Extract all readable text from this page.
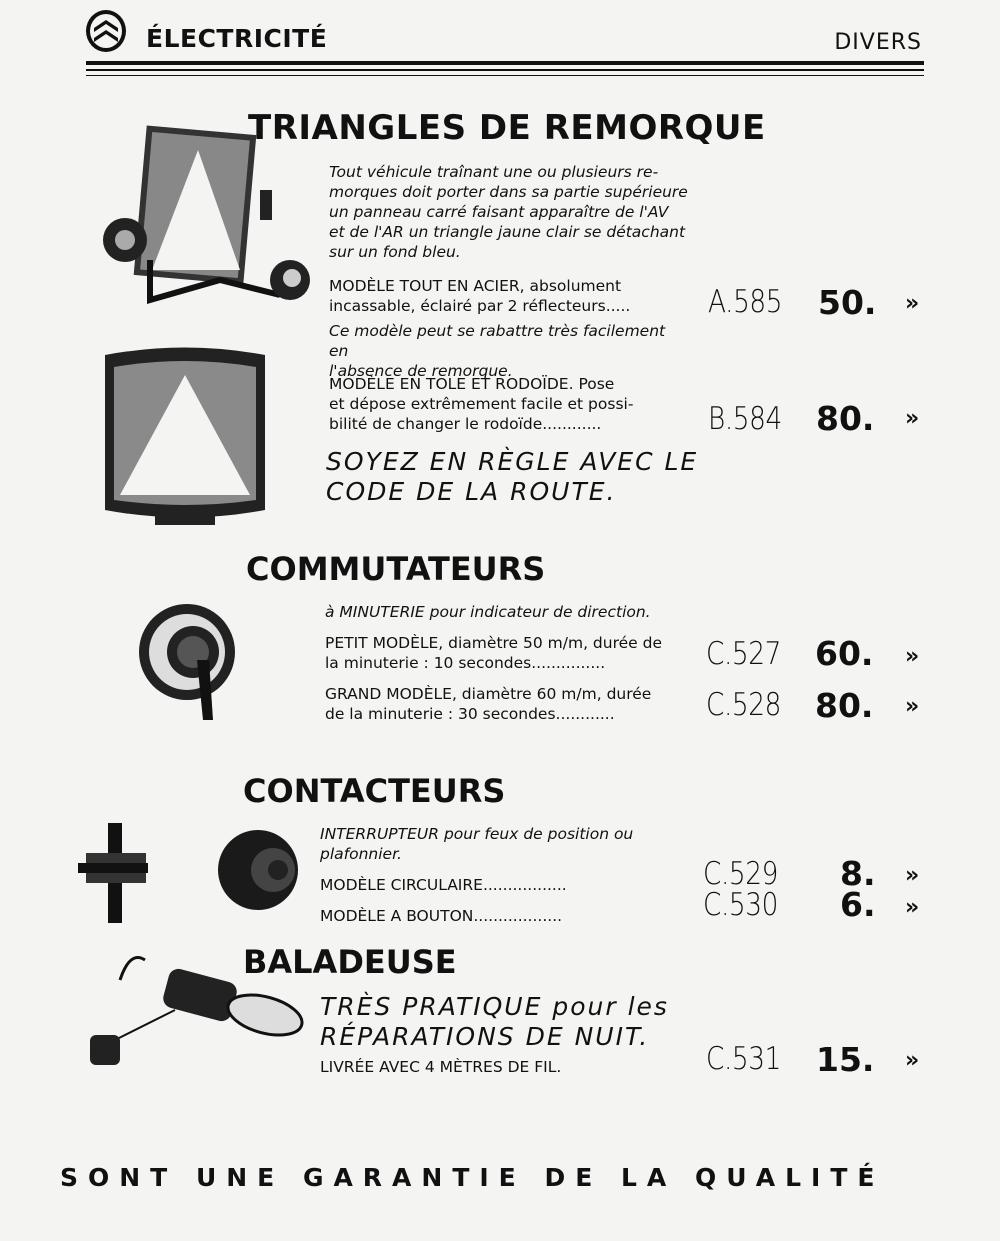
ÉLECTRICITÉ	DIVERS
TRIANGLES DE REMORQUE
Tout véhicule traînant une ou plusieurs re-
morques doit porter dans sa partie supérieure
un panneau carré faisant apparaître de l'AV
et de l'AR un triangle jaune clair se détachant
sur un fond bleu.
MODÈLE TOUT EN ACIER, absolument
incassable, éclairé par 2 réflecteurs.....	A.585 50. »
Ce modèle peut se rabattre très facilement en
l'absence de remorque.
MODÈLE EN TOLE ET RODOÏDE. Pose
et dépose extrêmement facile et possi-
bilité de changer le rodoïde............	B.584 80. »
SOYEZ EN RÈGLE AVEC LE
CODE DE LA ROUTE.
COMMUTATEURS
à MINUTERIE pour indicateur de direction.
PETIT MODÈLE, diamètre 50 m/m, durée de
la minuterie : 10 secondes...............	C.527 60. »
GRAND MODÈLE, diamètre 60 m/m, durée
de la minuterie : 30 secondes............	C.528 80. »
CONTACTEURS
INTERRUPTEUR pour feux de position ou
plafonnier.
MODÈLE CIRCULAIRE.................	C.529 8. »
MODÈLE A BOUTON..................	C.530 6. »
BALADEUSE
TRÈS PRATIQUE pour les
RÉPARATIONS DE NUIT.
LIVRÉE AVEC 4 MÈTRES DE FIL.	C.531 15. »
SONT UNE GARANTIE DE LA QUALITÉ
